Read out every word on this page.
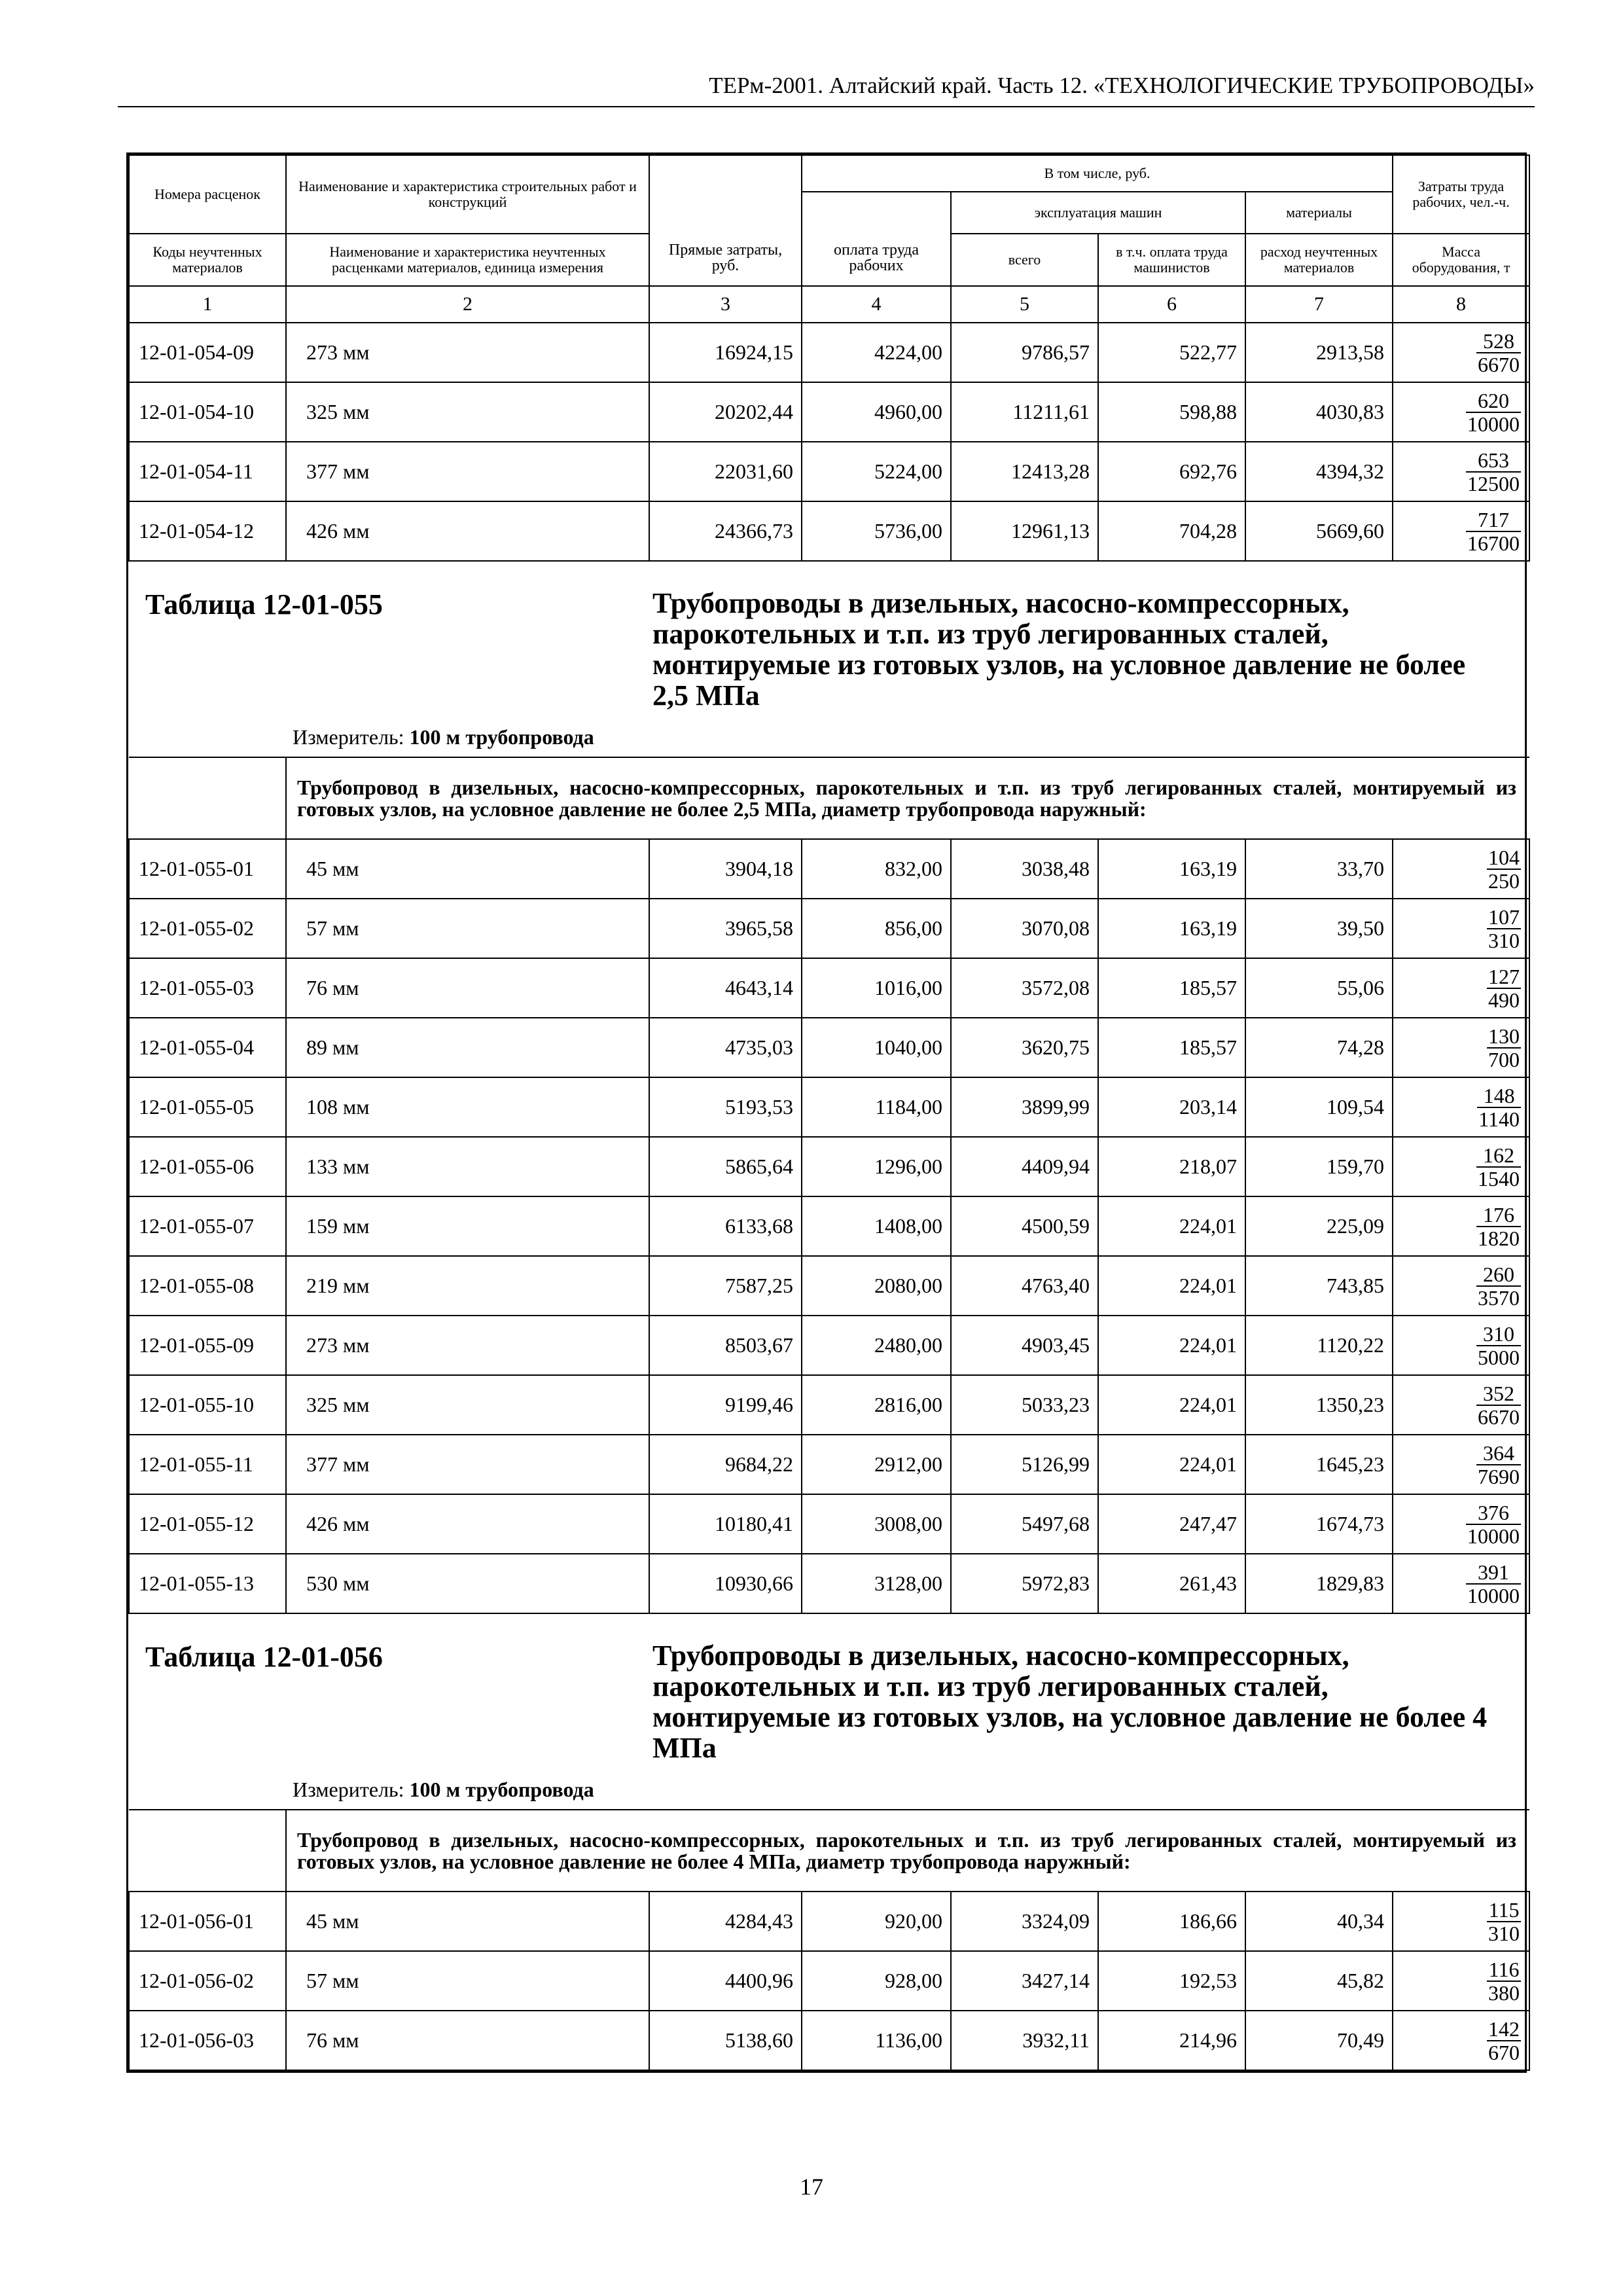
ТЕРм-2001. Алтайский край. Часть 12. «ТЕХНОЛОГИЧЕСКИЕ ТРУБОПРОВОДЫ»
Номера расценок	Наименование и характеристика строительных работ и конструкций	Прямые затраты, руб.	В том числе, руб.				Затраты труда рабочих, чел.-ч.
			оплата труда рабочих	эксплуатация машин		материалы	
Коды неучтенных материалов	Наименование и характеристика неучтенных расценками материалов, единица измерения			всего	в т.ч. оплата труда машинистов	расход неучтенных материалов	Масса оборудования, т
1	2	3	4	5	6	7	8
12-01-054-09	273 мм	16924,15	4224,00	9786,57	522,77	2913,58	$\frac{528}{6670}$

12-01-054-10	325 мм	20202,44	4960,00	11211,61	598,88	4030,83	$\frac{620}{10000}$

12-01-054-11	377 мм	22031,60	5224,00	12413,28	692,76	4394,32	$\frac{653}{12500}$

12-01-054-12	426 мм	24366,73	5736,00	12961,13	704,28	5669,60	$\frac{717}{16700}$

Таблица 12-01-055 Трубопроводы в дизельных, насосно-компрессорных, парокотельных и т.п. из труб легированных сталей, монтируемые из готовых узлов, на условное давление не более 2,5 МПа
Измеритель: 100 м трубопровода							

	Трубопровод в дизельных, насосно-компрессорных, парокотельных и т.п. из труб легированных сталей, монтируемый из готовых узлов, на условное давление не более 2,5 МПа, диаметр трубопровода наружный:						
12-01-055-01	45 мм	3904,18	832,00	3038,48	163,19	33,70	$\frac{104}{250}$

12-01-055-02	57 мм	3965,58	856,00	3070,08	163,19	39,50	$\frac{107}{310}$

12-01-055-03	76 мм	4643,14	1016,00	3572,08	185,57	55,06	$\frac{127}{490}$

12-01-055-04	89 мм	4735,03	1040,00	3620,75	185,57	74,28	$\frac{130}{700}$

12-01-055-05	108 мм	5193,53	1184,00	3899,99	203,14	109,54	$\frac{148}{1140}$

12-01-055-06	133 мм	5865,64	1296,00	4409,94	218,07	159,70	$\frac{162}{1540}$

12-01-055-07	159 мм	6133,68	1408,00	4500,59	224,01	225,09	$\frac{176}{1820}$

12-01-055-08	219 мм	7587,25	2080,00	4763,40	224,01	743,85	$\frac{260}{3570}$

12-01-055-09	273 мм	8503,67	2480,00	4903,45	224,01	1120,22	$\frac{310}{5000}$

12-01-055-10	325 мм	9199,46	2816,00	5033,23	224,01	1350,23	$\frac{352}{6670}$

12-01-055-11	377 мм	9684,22	2912,00	5126,99	224,01	1645,23	$\frac{364}{7690}$

12-01-055-12	426 мм	10180,41	3008,00	5497,68	247,47	1674,73	$\frac{376}{10000}$

12-01-055-13	530 мм	10930,66	3128,00	5972,83	261,43	1829,83	$\frac{391}{10000}$

Таблица 12-01-056 Трубопроводы в дизельных, насосно-компрессорных, парокотельных и т.п. из труб легированных сталей, монтируемые из готовых узлов, на условное давление не более 4 МПа
Измеритель: 100 м трубопровода							

	Трубопровод в дизельных, насосно-компрессорных, парокотельных и т.п. из труб легированных сталей, монтируемый из готовых узлов, на условное давление не более 4 МПа, диаметр трубопровода наружный:						
12-01-056-01	45 мм	4284,43	920,00	3324,09	186,66	40,34	$\frac{115}{310}$

12-01-056-02	57 мм	4400,96	928,00	3427,14	192,53	45,82	$\frac{116}{380}$

12-01-056-03	76 мм	5138,60	1136,00	3932,11	214,96	70,49	$\frac{142}{670}$
17
